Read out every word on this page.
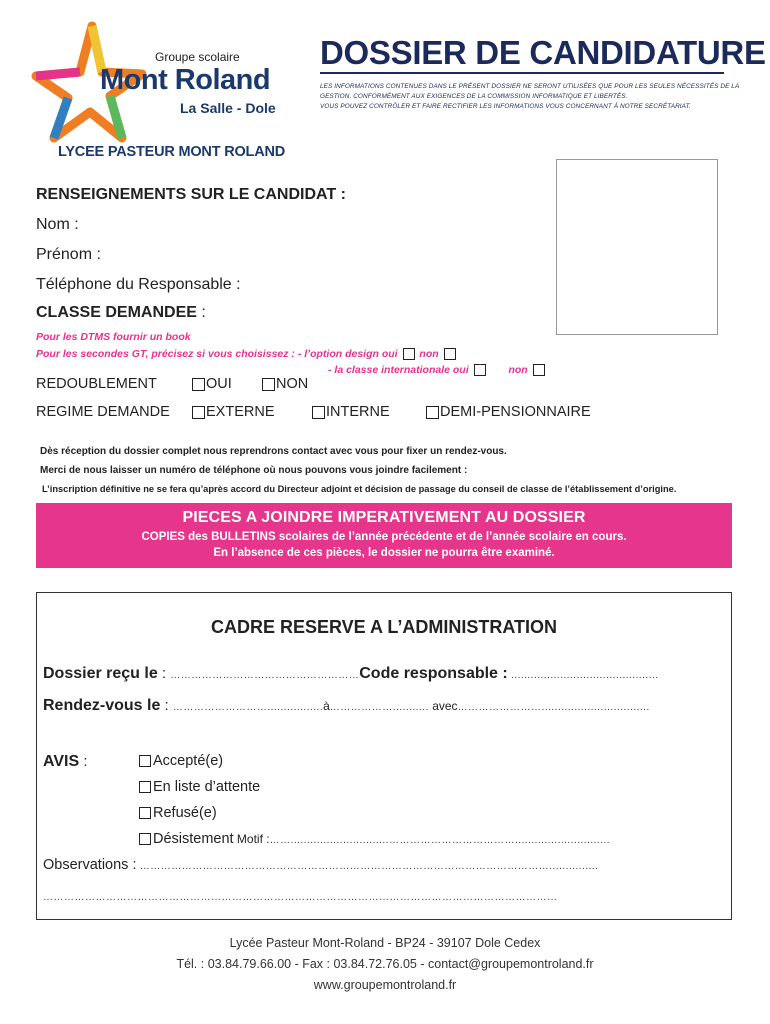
Groupe scolaire
Mont Roland
La Salle - Dole
LYCEE PASTEUR MONT ROLAND
DOSSIER DE CANDIDATURE
LES INFORMATIONS CONTENUES DANS LE PRÉSENT DOSSIER NE SERONT UTILISÉES QUE POUR LES SEULES NÉCESSITÉS DE LA
GESTION, CONFORMÉMENT AUX EXIGENCES DE LA COMMISSION INFORMATIQUE ET LIBERTÉS.
VOUS POUVEZ CONTRÔLER ET FAIRE RECTIFIER LES INFORMATIONS VOUS CONCERNANT À NOTRE SECRÉTARIAT.
RENSEIGNEMENTS SUR LE CANDIDAT :
Nom :
Prénom :
Téléphone du Responsable :
CLASSE DEMANDEE :
Pour les DTMS fournir un book
Pour les secondes GT, précisez si vous choisissez : - l’option design oui non
- la classe internationale oui	non
REDOUBLEMENT	OUI	NON
REGIME DEMANDE	EXTERNE	INTERNE	DEMI-PENSIONNAIRE
Dès réception du dossier complet nous reprendrons contact avec vous pour fixer un rendez-vous.
Merci de nous laisser un numéro de téléphone où nous pouvons vous joindre facilement :
L’inscription définitive ne se fera qu’après accord du Directeur adjoint et décision de passage du conseil de classe de l’établissement d’origine.
PIECES A JOINDRE IMPERATIVEMENT AU DOSSIER
COPIES des BULLETINS scolaires de l’année précédente et de l’année scolaire en cours.
En l’absence de ces pièces, le dossier ne pourra être examiné.
CADRE RESERVE A L’ADMINISTRATION
Dossier reçu le : ………………………………………………Code responsable : .............................................
Rendez-vous le : ……………………….................à………………........... avec…………………….................................
AVIS :	Accepté(e)
En liste d’attente
Refusé(e)
Désistement Motif :……..............................……………………………….............................
Observations : ………………………………………………………………………………………………………...............
…………………………………………………………………………………………………………………………………
Lycée Pasteur Mont-Roland - BP24 - 39107 Dole Cedex
Tél. : 03.84.79.66.00 - Fax : 03.84.72.76.05 - contact@groupemontroland.fr
www.groupemontroland.fr
